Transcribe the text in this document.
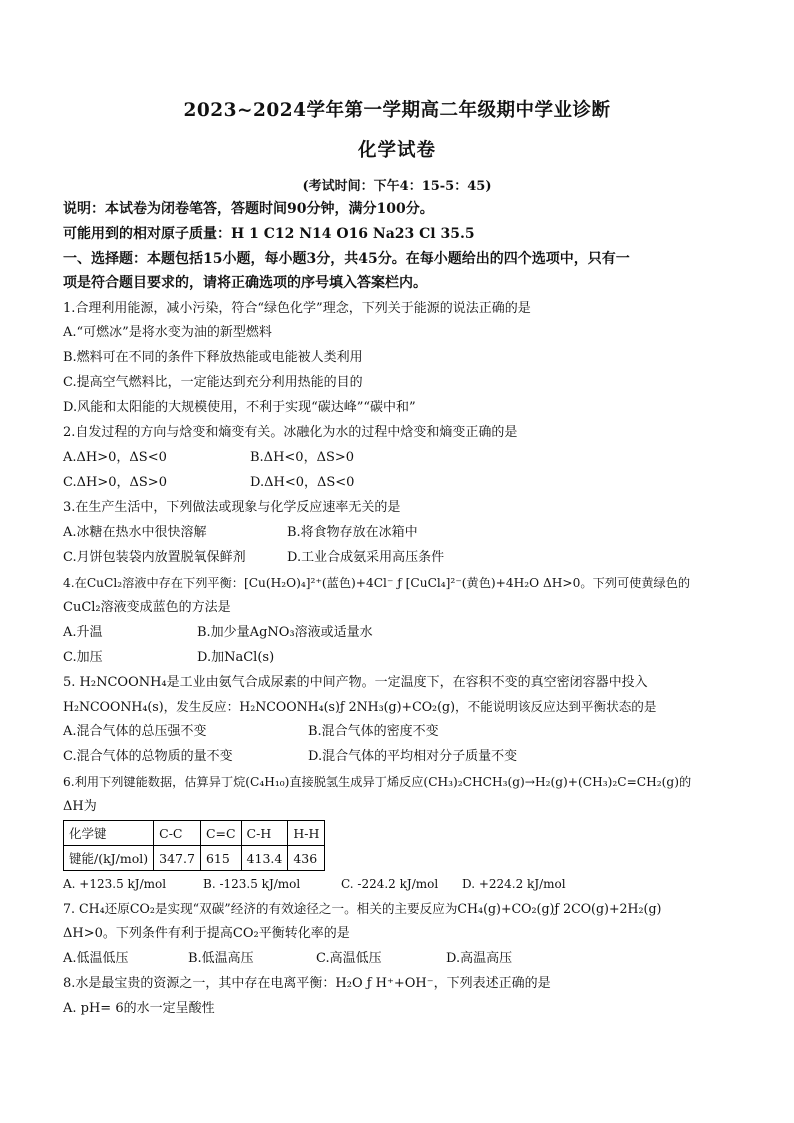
2023~2024学年第一学期高二年级期中学业诊断
化学试卷
(考试时间：下午4：15-5：45)
说明：本试卷为闭卷笔答，答题时间90分钟，满分100分。
可能用到的相对原子质量：H 1 C12 N14 O16 Na23 Cl 35.5
一、选择题：本题包括15小题，每小题3分，共45分。在每小题给出的四个选项中，只有一
项是符合题目要求的，请将正确选项的序号填入答案栏内。
1.合理利用能源，减小污染，符合“绿色化学”理念，下列关于能源的说法正确的是
A.“可燃冰”是将水变为油的新型燃料
B.燃料可在不同的条件下释放热能或电能被人类利用
C.提高空气燃料比，一定能达到充分利用热能的目的
D.风能和太阳能的大规模使用，不利于实现“碳达峰”“碳中和”
2.自发过程的方向与焓变和熵变有关。冰融化为水的过程中焓变和熵变正确的是
A.ΔH>0，ΔS<0	B.ΔH<0，ΔS>0
C.ΔH>0，ΔS>0	D.ΔH<0，ΔS<0
3.在生产生活中，下列做法或现象与化学反应速率无关的是
A.冰糖在热水中很快溶解	B.将食物存放在冰箱中
C.月饼包装袋内放置脱氧保鲜剂	D.工业合成氨采用高压条件
4.在CuCl₂溶液中存在下列平衡：[Cu(H₂O)₄]²⁺(蓝色)+4Cl⁻ ƒ [CuCl₄]²⁻(黄色)+4H₂O ΔH>0。下列可使黄绿色的
CuCl₂溶液变成蓝色的方法是
A.升温	B.加少量AgNO₃溶液或适量水
C.加压	D.加NaCl(s)
5. H₂NCOONH₄是工业由氨气合成尿素的中间产物。一定温度下，在容积不变的真空密闭容器中投入
H₂NCOONH₄(s)，发生反应：H₂NCOONH₄(s)ƒ 2NH₃(g)+CO₂(g)，不能说明该反应达到平衡状态的是
A.混合气体的总压强不变	B.混合气体的密度不变
C.混合气体的总物质的量不变	D.混合气体的平均相对分子质量不变
6.利用下列键能数据，估算异丁烷(C₄H₁₀)直接脱氢生成异丁烯反应(CH₃)₂CHCH₃(g)→H₂(g)+(CH₃)₂C=CH₂(g)的
ΔH为
化学键	C-C	C=C	C-H	H-H
键能/(kJ/mol)	347.7	615	413.4	436
A. +123.5 kJ/mol	B. -123.5 kJ/mol	C. -224.2 kJ/mol D. +224.2 kJ/mol
7. CH₄还原CO₂是实现“双碳”经济的有效途径之一。相关的主要反应为CH₄(g)+CO₂(g)ƒ 2CO(g)+2H₂(g)
ΔH>0。下列条件有利于提高CO₂平衡转化率的是
A.低温低压	B.低温高压	C.高温低压	D.高温高压
8.水是最宝贵的资源之一，其中存在电离平衡：H₂O ƒ H⁺+OH⁻，下列表述正确的是
A. pH= 6的水一定呈酸性
